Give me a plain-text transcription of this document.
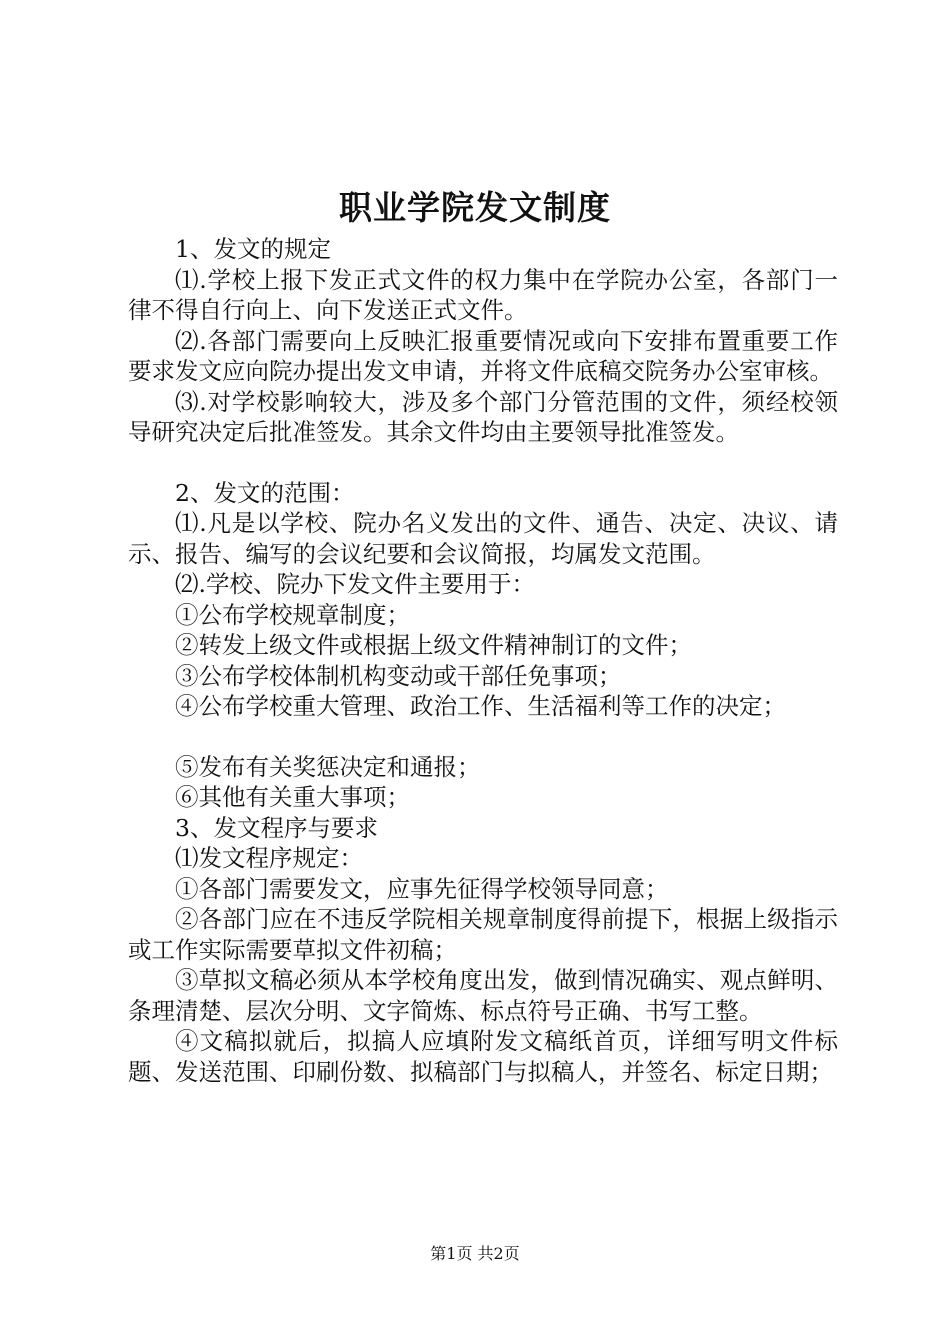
职业学院发文制度

1、发文的规定

⑴.学校上报下发正式文件的权力集中在学院办公室，各部门一律不得自行向上、向下发送正式文件。

⑵.各部门需要向上反映汇报重要情况或向下安排布置重要工作要求发文应向院办提出发文申请，并将文件底稿交院务办公室审核。

⑶.对学校影响较大，涉及多个部门分管范围的文件，须经校领导研究决定后批准签发。其余文件均由主要领导批准签发。

2、发文的范围：

⑴.凡是以学校、院办名义发出的文件、通告、决定、决议、请示、报告、编写的会议纪要和会议简报，均属发文范围。

⑵.学校、院办下发文件主要用于：

①公布学校规章制度；

②转发上级文件或根据上级文件精神制订的文件；

③公布学校体制机构变动或干部任免事项；

④公布学校重大管理、政治工作、生活福利等工作的决定；

⑤发布有关奖惩决定和通报；

⑥其他有关重大事项；

3、发文程序与要求

⑴发文程序规定：

①各部门需要发文，应事先征得学校领导同意；

②各部门应在不违反学院相关规章制度得前提下，根据上级指示或工作实际需要草拟文件初稿；

③草拟文稿必须从本学校角度出发，做到情况确实、观点鲜明、条理清楚、层次分明、文字简炼、标点符号正确、书写工整。

④文稿拟就后，拟搞人应填附发文稿纸首页，详细写明文件标题、发送范围、印刷份数、拟稿部门与拟稿人，并签名、标定日期；

第1页 共2页
